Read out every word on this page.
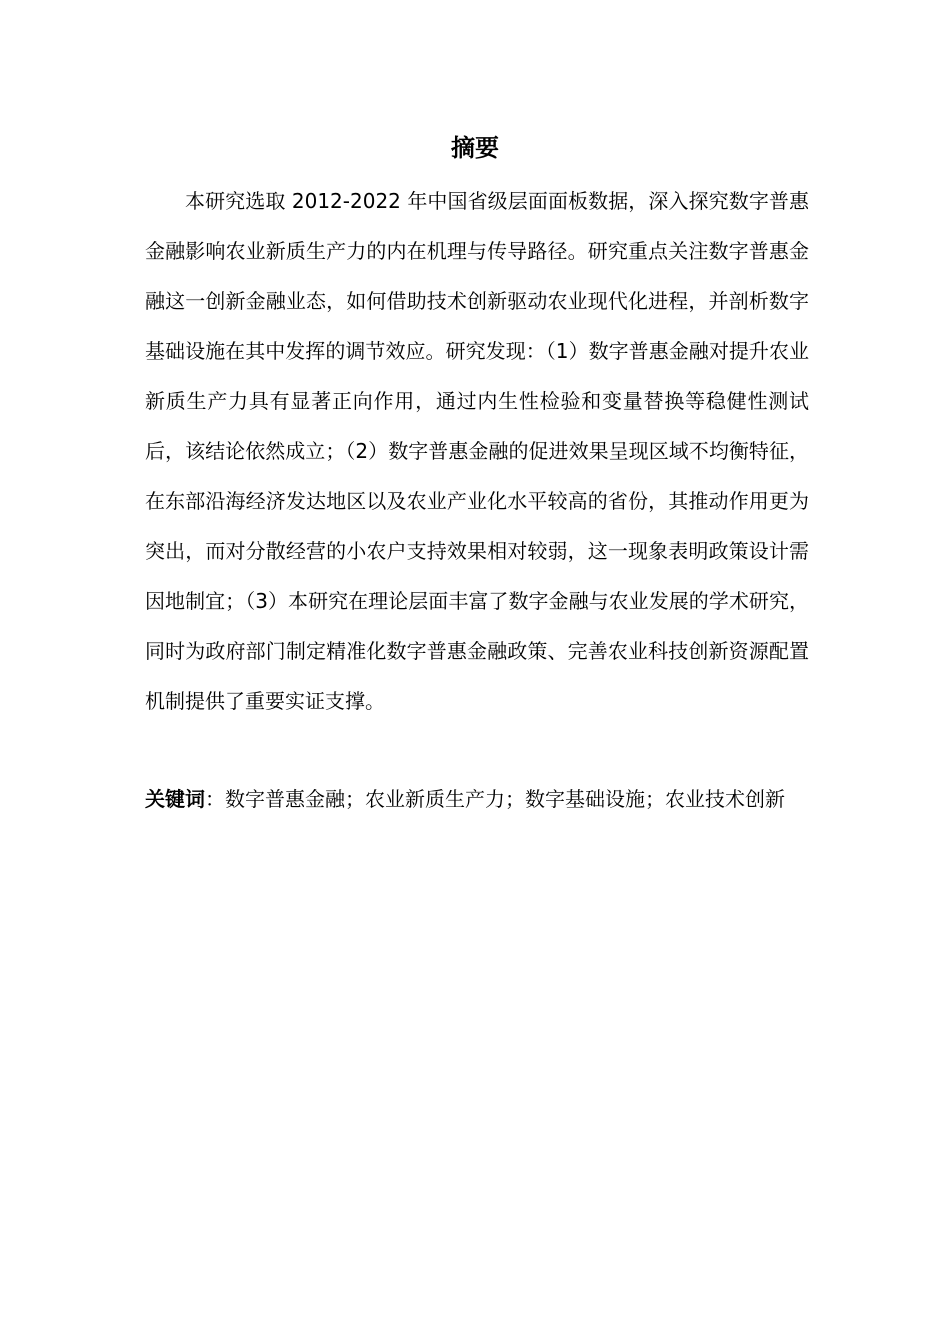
摘要

本研究选取 2012-2022 年中国省级层面面板数据，深入探究数字普惠金融影响农业新质生产力的内在机理与传导路径。研究重点关注数字普惠金融这一创新金融业态，如何借助技术创新驱动农业现代化进程，并剖析数字基础设施在其中发挥的调节效应。研究发现：（1）数字普惠金融对提升农业新质生产力具有显著正向作用，通过内生性检验和变量替换等稳健性测试后，该结论依然成立；（2）数字普惠金融的促进效果呈现区域不均衡特征，在东部沿海经济发达地区以及农业产业化水平较高的省份，其推动作用更为突出，而对分散经营的小农户支持效果相对较弱，这一现象表明政策设计需因地制宜；（3）本研究在理论层面丰富了数字金融与农业发展的学术研究，同时为政府部门制定精准化数字普惠金融政策、完善农业科技创新资源配置机制提供了重要实证支撑。

关键词：数字普惠金融；农业新质生产力；数字基础设施；农业技术创新
